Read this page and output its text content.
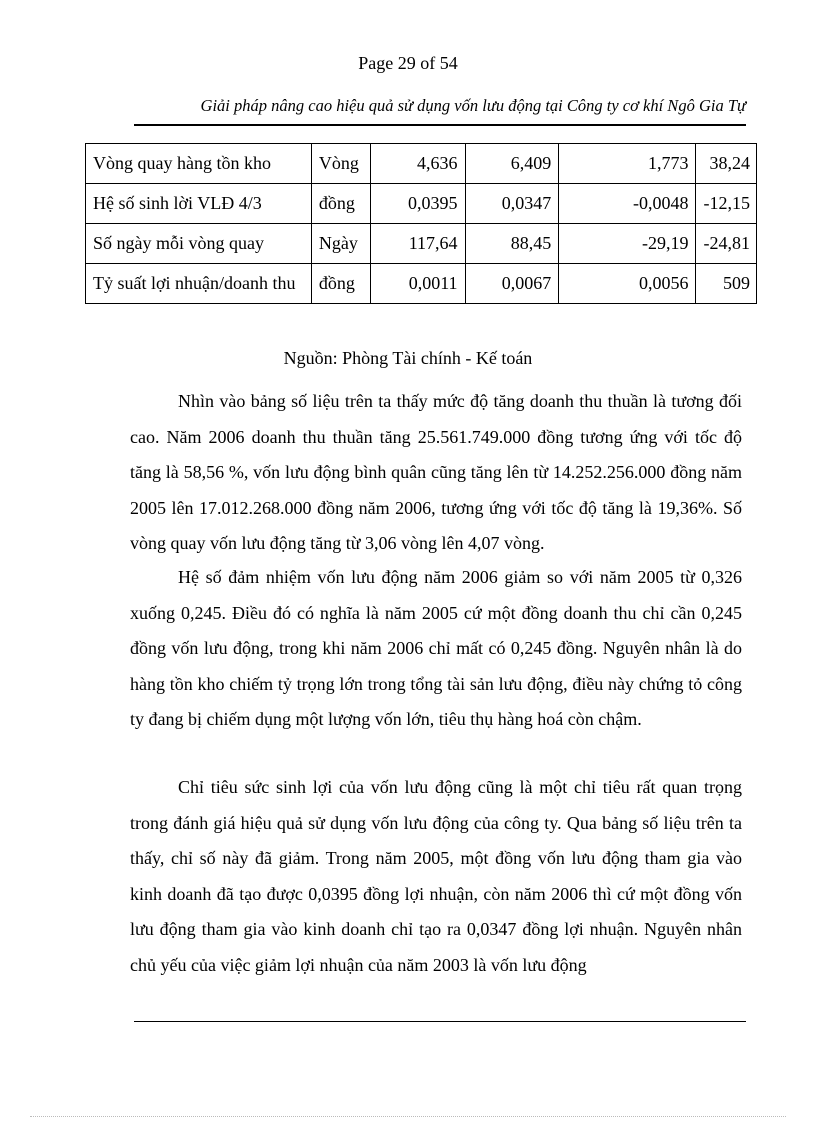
Page 29 of 54
Giải pháp nâng cao hiệu quả sử dụng vốn lưu động tại Công ty cơ khí Ngô Gia Tự
Vòng quay hàng tồn kho	Vòng	4,636	6,409	1,773	38,24
Hệ số sinh lời VLĐ 4/3	đồng	0,0395	0,0347	-0,0048	-12,15
Số ngày mỗi vòng quay	Ngày	117,64	88,45	-29,19	-24,81
Tỷ suất lợi nhuận/doanh thu	đồng	0,0011	0,0067	0,0056	509
Nguồn: Phòng Tài chính - Kế toán

Nhìn vào bảng số liệu trên ta thấy mức độ tăng doanh thu thuần là tương đối cao. Năm 2006 doanh thu thuần tăng 25.561.749.000 đồng tương ứng với tốc độ tăng là 58,56 %, vốn lưu động bình quân cũng tăng lên từ 14.252.256.000 đồng năm 2005 lên 17.012.268.000 đồng năm 2006, tương ứng với tốc độ tăng là 19,36%. Số vòng quay vốn lưu động tăng từ 3,06 vòng lên 4,07 vòng.

Hệ số đảm nhiệm vốn lưu động năm 2006 giảm so với năm 2005 từ 0,326 xuống 0,245. Điều đó có nghĩa là năm 2005 cứ một đồng doanh thu chỉ cần 0,245 đồng vốn lưu động, trong khi năm 2006 chỉ mất có 0,245 đồng. Nguyên nhân là do hàng tồn kho chiếm tỷ trọng lớn trong tổng tài sản lưu động, điều này chứng tỏ công ty đang bị chiếm dụng một lượng vốn lớn, tiêu thụ hàng hoá còn chậm.

Chỉ tiêu sức sinh lợi của vốn lưu động cũng là một chỉ tiêu rất quan trọng trong đánh giá hiệu quả sử dụng vốn lưu động của công ty. Qua bảng số liệu trên ta thấy, chỉ số này đã giảm. Trong năm 2005, một đồng vốn lưu động tham gia vào kinh doanh đã tạo được 0,0395 đồng lợi nhuận, còn năm 2006 thì cứ một đồng vốn lưu động tham gia vào kinh doanh chỉ tạo ra 0,0347 đồng lợi nhuận. Nguyên nhân chủ yếu của việc giảm lợi nhuận của năm 2003 là vốn lưu động
